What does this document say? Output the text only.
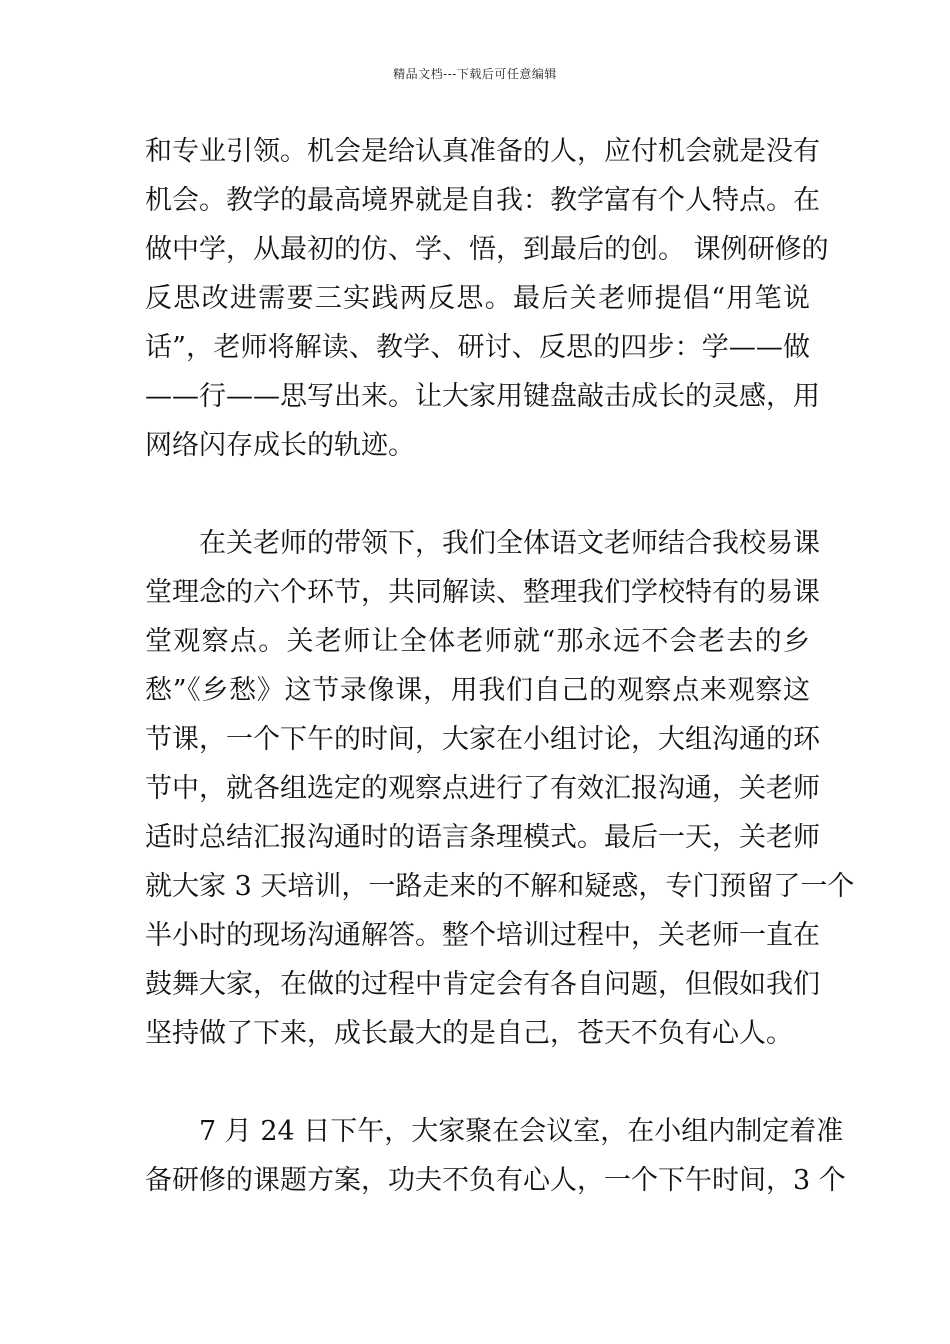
精品文档---下载后可任意编辑
和专业引领。机会是给认真准备的人，应付机会就是没有
机会。教学的最高境界就是自我：教学富有个人特点。在
做中学，从最初的仿、学、悟，到最后的创。 课例研修的
反思改进需要三实践两反思。最后关老师提倡“用笔说
话”，老师将解读、教学、研讨、反思的四步：学——做
——行——思写出来。让大家用键盘敲击成长的灵感，用
网络闪存成长的轨迹。
　　在关老师的带领下，我们全体语文老师结合我校易课
堂理念的六个环节，共同解读、整理我们学校特有的易课
堂观察点。关老师让全体老师就“那永远不会老去的乡
愁”《乡愁》这节录像课，用我们自己的观察点来观察这
节课，一个下午的时间，大家在小组讨论，大组沟通的环
节中，就各组选定的观察点进行了有效汇报沟通，关老师
适时总结汇报沟通时的语言条理模式。最后一天，关老师
就大家 3 天培训，一路走来的不解和疑惑，专门预留了一个
半小时的现场沟通解答。整个培训过程中，关老师一直在
鼓舞大家，在做的过程中肯定会有各自问题，但假如我们
坚持做了下来，成长最大的是自己，苍天不负有心人。
　　7 月 24 日下午，大家聚在会议室，在小组内制定着准
备研修的课题方案，功夫不负有心人，一个下午时间，3 个
